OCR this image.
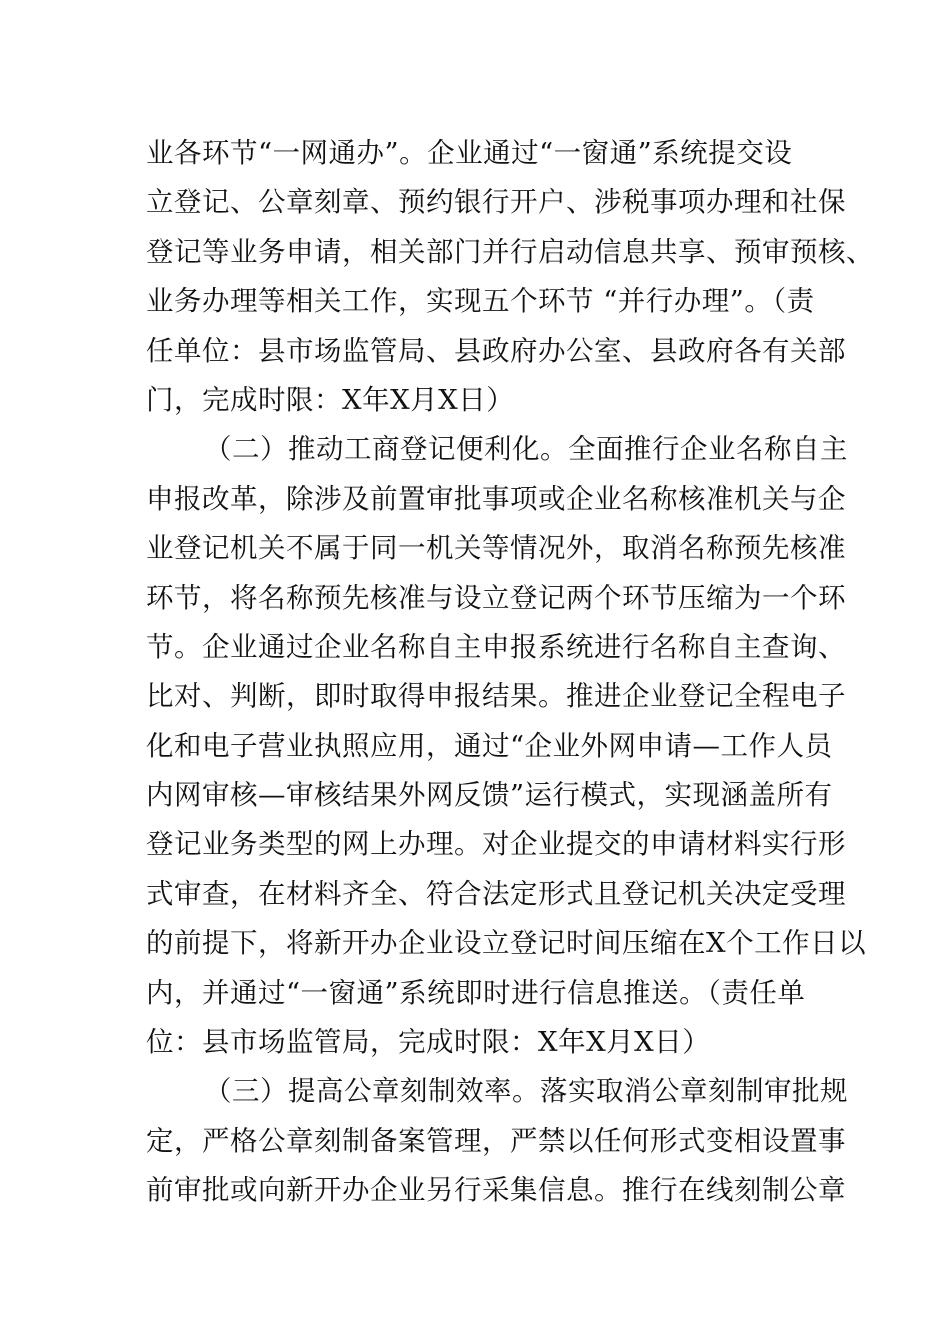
业各环节“一网通办”。企业通过“一窗通”系统提交设
立登记、公章刻章、预约银行开户、涉税事项办理和社保
登记等业务申请，相关部门并行启动信息共享、预审预核、
业务办理等相关工作，实现五个环节 “并行办理”。（责
任单位：县市场监管局、县政府办公室、县政府各有关部
门，完成时限：X年X月X日）
（二）推动工商登记便利化。全面推行企业名称自主
申报改革，除涉及前置审批事项或企业名称核准机关与企
业登记机关不属于同一机关等情况外，取消名称预先核准
环节，将名称预先核准与设立登记两个环节压缩为一个环
节。企业通过企业名称自主申报系统进行名称自主查询、
比对、判断，即时取得申报结果。推进企业登记全程电子
化和电子营业执照应用，通过“企业外网申请—工作人员
内网审核—审核结果外网反馈”运行模式，实现涵盖所有
登记业务类型的网上办理。对企业提交的申请材料实行形
式审查，在材料齐全、符合法定形式且登记机关决定受理
的前提下，将新开办企业设立登记时间压缩在X个工作日以
内，并通过“一窗通”系统即时进行信息推送。（责任单
位：县市场监管局，完成时限：X年X月X日）
（三）提高公章刻制效率。落实取消公章刻制审批规
定，严格公章刻制备案管理，严禁以任何形式变相设置事
前审批或向新开办企业另行采集信息。推行在线刻制公章
